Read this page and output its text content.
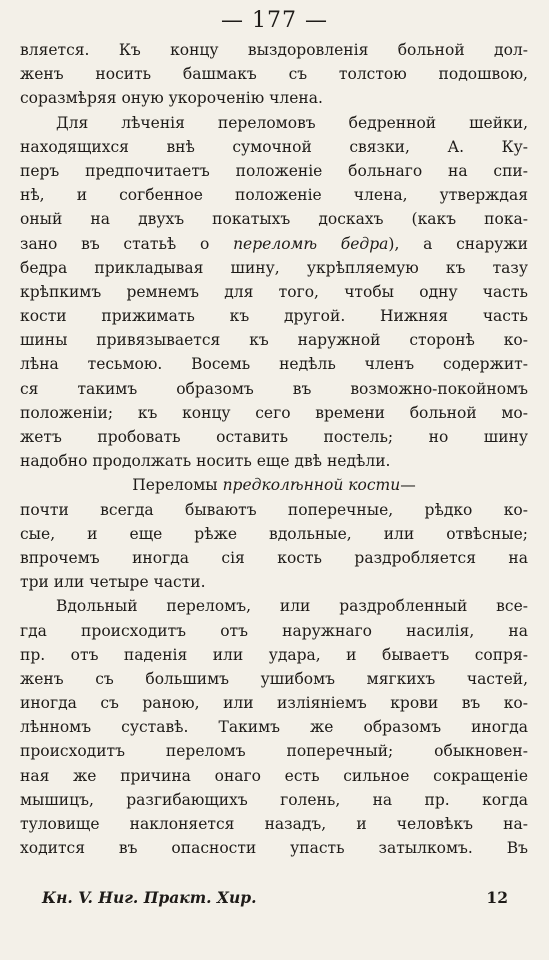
— 177 —
вляется. Къ концу выздоровленія больной дол-
женъ носить башмакъ съ толстою подошвою,
соразмѣряя оную укороченію члена.
Для лѣченія переломовъ бедренной шейки,
находящихся внѣ сумочной связки, А. Ку-
перъ предпочитаетъ положеніе больнаго на спи-
нѣ, и согбенное положеніе члена, утверждая
оный на двухъ покатыхъ доскахъ (какъ пока-
зано въ статьѣ о переломѣ бедра), а снаружи
бедра прикладывая шину, укрѣпляемую къ тазу
крѣпкимъ ремнемъ для того, чтобы одну часть
кости прижимать къ другой. Нижняя часть
шины привязывается къ наружной сторонѣ ко-
лѣна тесьмою. Восемь недѣль членъ содержит-
ся такимъ образомъ въ возможно-покойномъ
положеніи; къ концу сего времени больной мо-
жетъ пробовать оставить постель; но шину
надобно продолжать носить еще двѣ недѣли.
Переломы предколѣнной кости—
почти всегда бываютъ поперечные, рѣдко ко-
сые, и еще рѣже вдольные, или отвѣсные;
впрочемъ иногда сія кость раздробляется на
три или четыре части.
Вдольный переломъ, или раздробленный все-
гда происходитъ отъ наружнаго насилія, на
пр. отъ паденія или удара, и бываетъ сопря-
женъ съ большимъ ушибомъ мягкихъ частей,
иногда съ раною, или изліяніемъ крови въ ко-
лѣнномъ суставѣ. Такимъ же образомъ иногда
происходитъ переломъ поперечный; обыкновен-
ная же причина онаго есть сильное сокращеніе
мышицъ, разгибающихъ голень, на пр. когда
туловище наклоняется назадъ, и человѣкъ на-
ходится въ опасности упасть затылкомъ. Въ
Кн. V. Ниг. Практ. Хир.	12
